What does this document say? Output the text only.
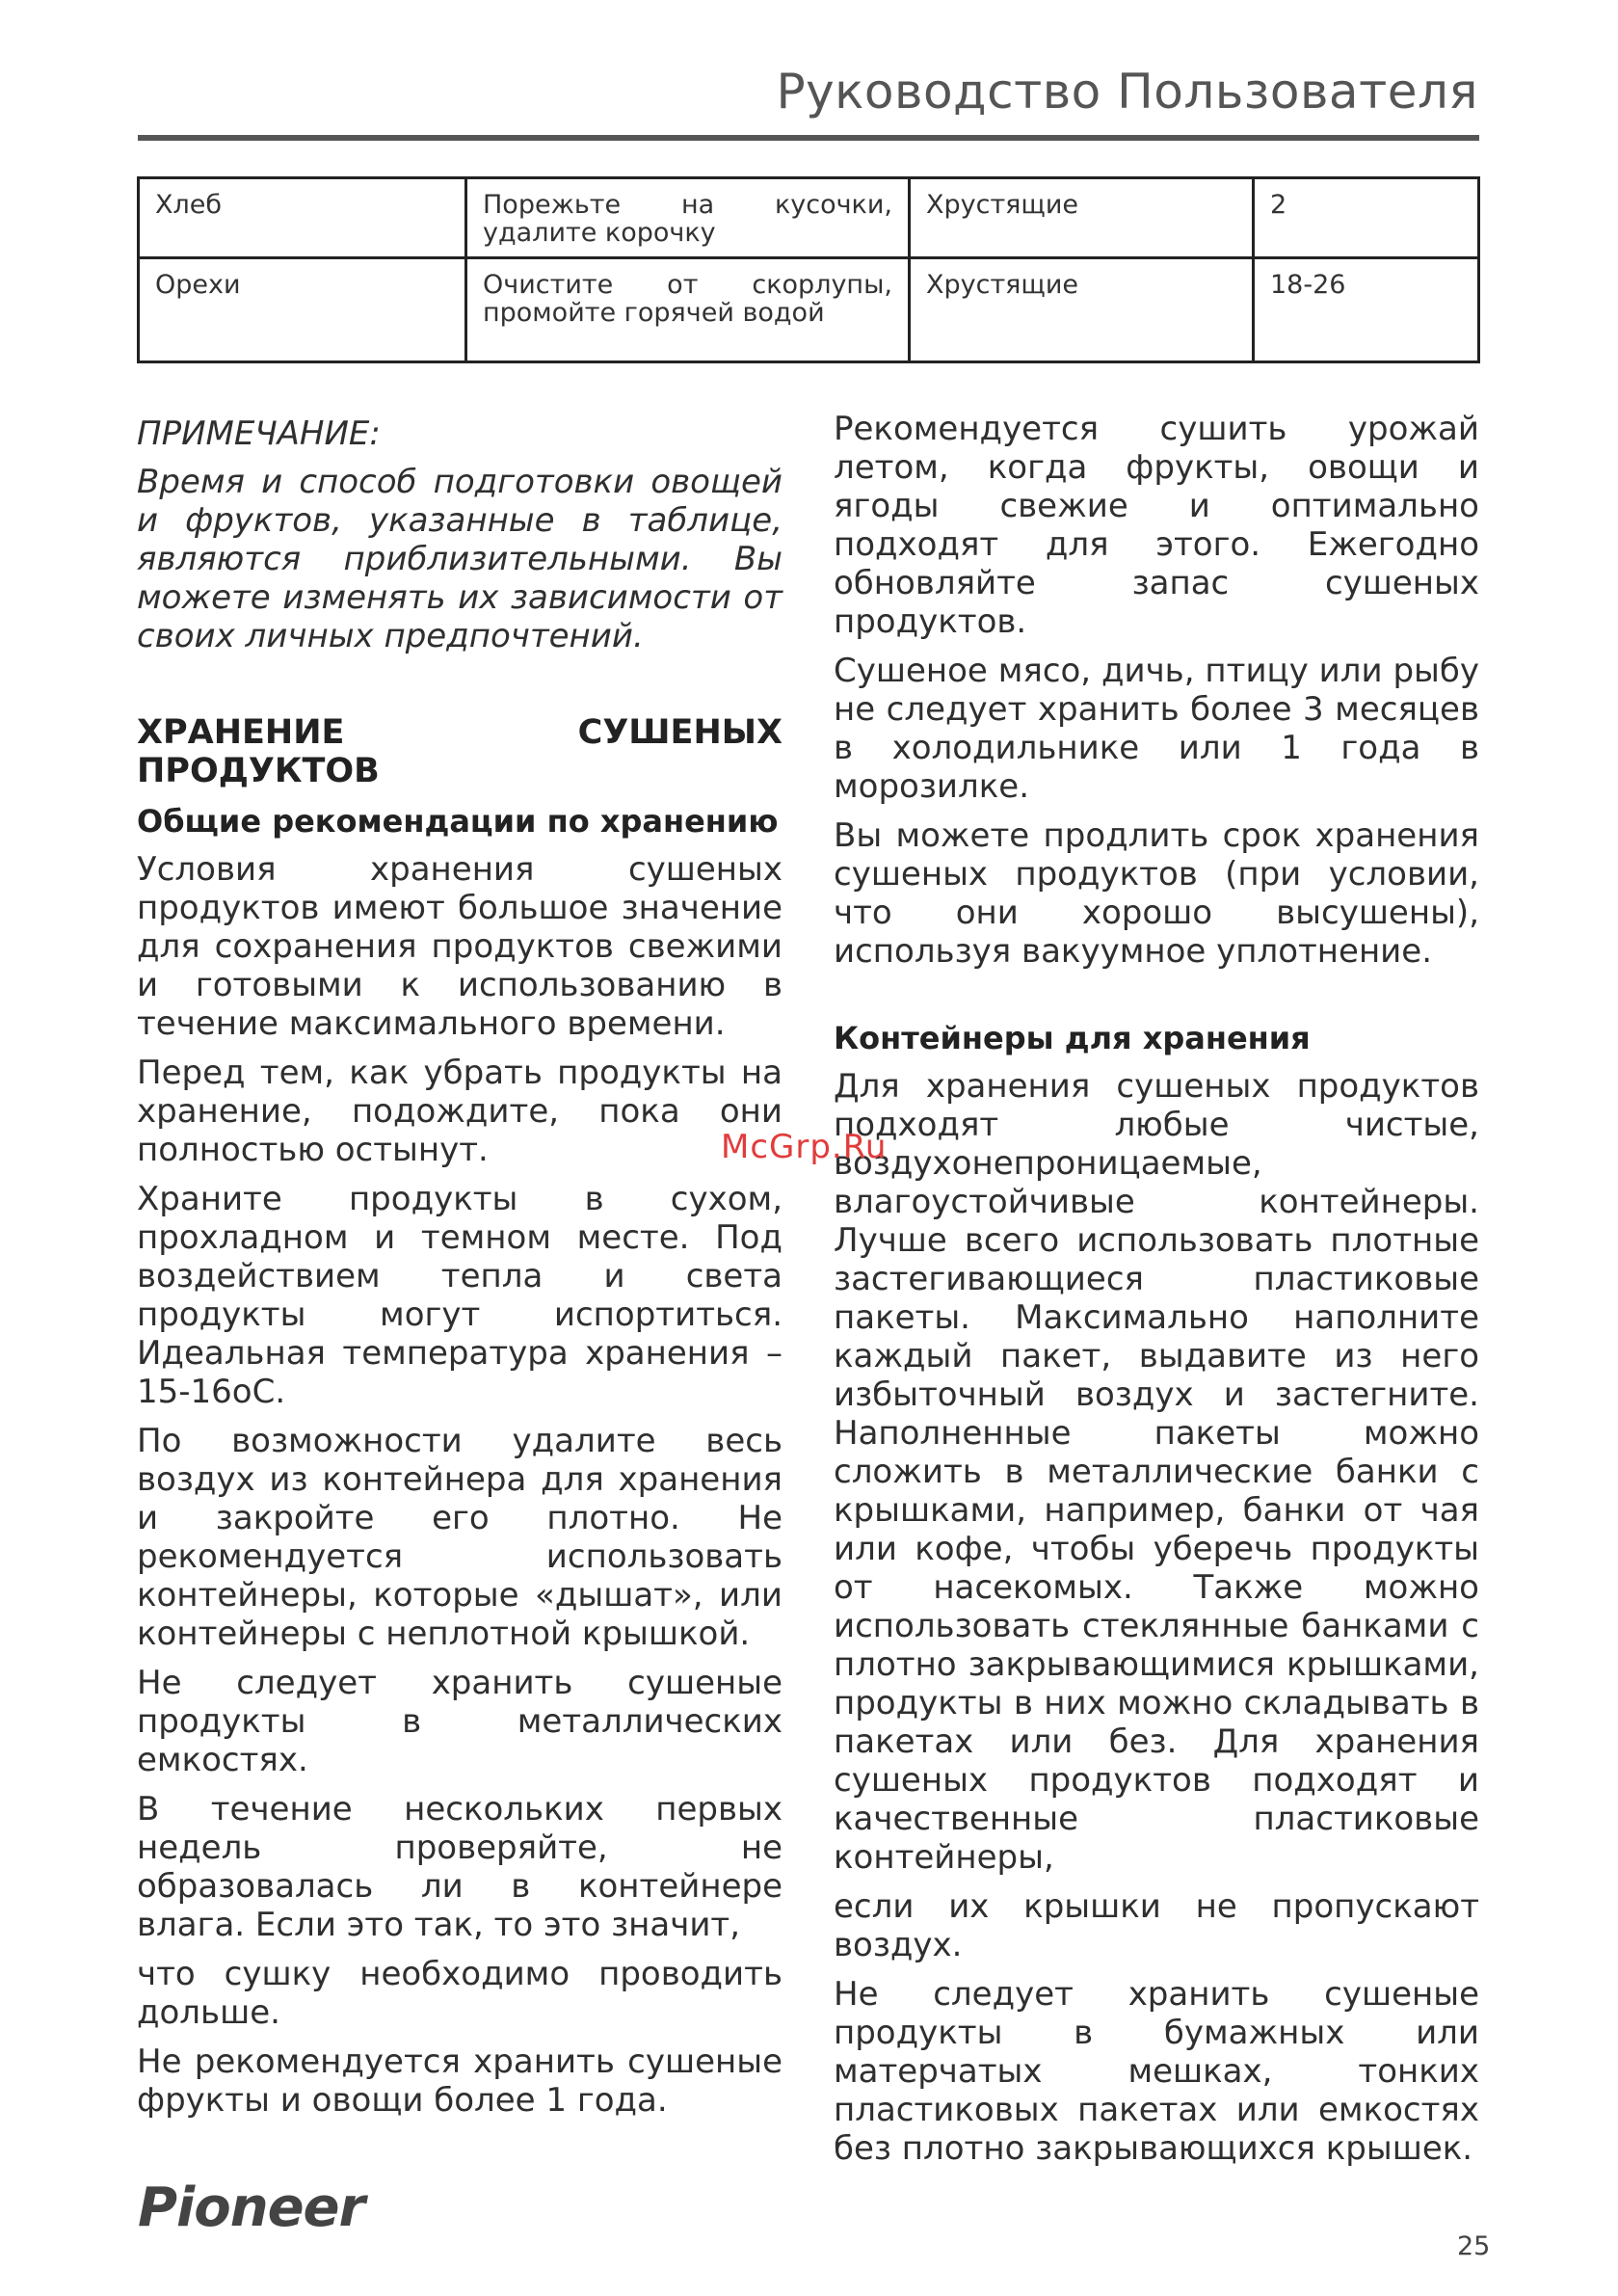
Руководство Пользователя
Хлеб	Порежьте на кусочки, удалите корочку	Хрустящие	2
Орехи	Очистите от скорлупы, промойте горячей водой	Хрустящие	18-26

ПРИМЕЧАНИЕ:

Время и способ подготовки овощей и фруктов, указанные в таблице, являются приблизительными. Вы можете изменять их зависимости от своих личных предпочтений.

ХРАНЕНИЕ СУШЕНЫХ
ПРОДУКТОВ
Общие рекомендации по хранению

Условия хранения сушеных продуктов имеют большое значение для сохранения продуктов свежими и готовыми к использованию в течение максимального времени.

Перед тем, как убрать продукты на хранение, подождите, пока они полностью остынут.

Храните продукты в сухом, прохладном и темном месте. Под воздействием тепла и света продукты могут испортиться. Идеальная температура хранения – 15-16оС.

По возможности удалите весь воздух из контейнера для хранения и закройте его плотно. Не рекомендуется использовать контейнеры, которые «дышат», или контейнеры с неплотной крышкой.

Не следует хранить сушеные продукты в металлических емкостях.

В течение нескольких первых недель проверяйте, не образовалась ли в контейнере влага. Если это так, то это значит,

что сушку необходимо проводить дольше.

Не рекомендуется хранить сушеные фрукты и овощи более 1 года.

Рекомендуется сушить урожай летом, когда фрукты, овощи и ягоды свежие и оптимально подходят для этого. Ежегодно обновляйте запас сушеных продуктов.

Сушеное мясо, дичь, птицу или рыбу не следует хранить более 3 месяцев в холодильнике или 1 года в морозилке.

Вы можете продлить срок хранения сушеных продуктов (при условии, что они хорошо высушены), используя вакуумное уплотнение.

Контейнеры для хранения

Для хранения сушеных продуктов подходят любые чистые, воздухонепроницаемые, влагоустойчивые контейнеры. Лучше всего использовать плотные застегивающиеся пластиковые пакеты. Максимально наполните каждый пакет, выдавите из него избыточный воздух и застегните. Наполненные пакеты можно сложить в металлические банки с крышками, например, банки от чая или кофе, чтобы уберечь продукты от насекомых. Также можно использовать стеклянные банками с плотно закрывающимися крышками, продукты в них можно складывать в пакетах или без. Для хранения сушеных продуктов подходят и качественные пластиковые контейнеры,

если их крышки не пропускают воздух.

Не следует хранить сушеные продукты в бумажных или матерчатых мешках, тонких пластиковых пакетах или емкостях без плотно закрывающихся крышек.

McGrp.Ru
Pioneer
25
